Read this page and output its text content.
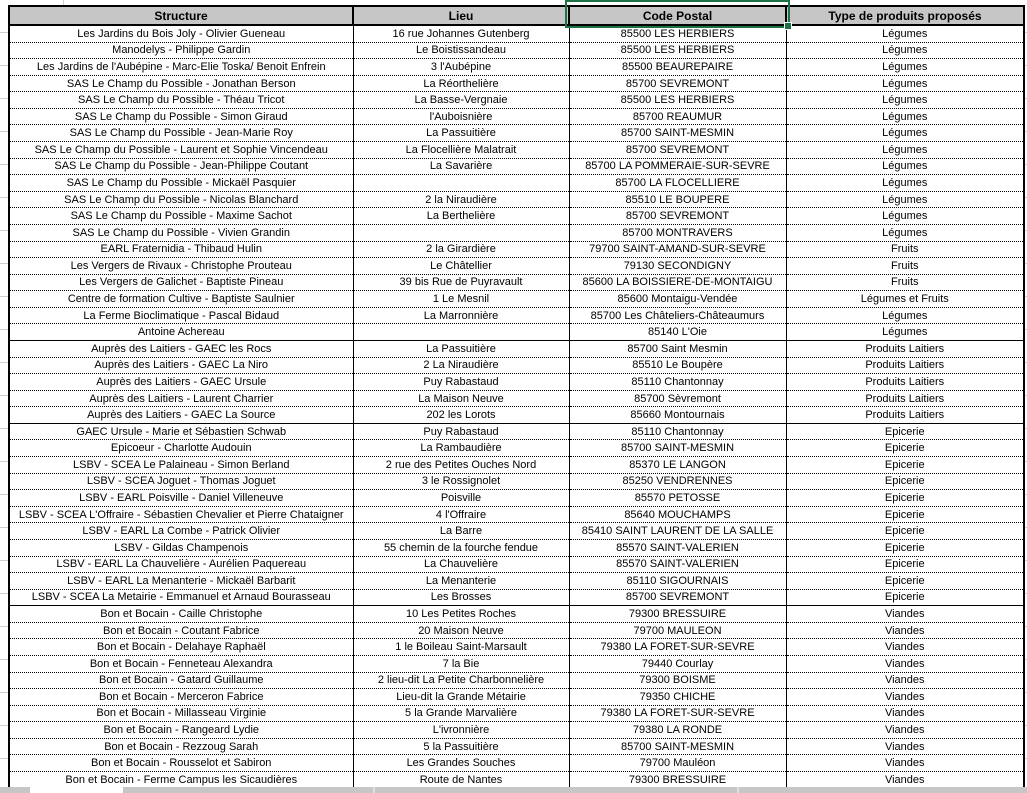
Structure	Lieu	Code Postal	Type de produits proposés
Les Jardins du Bois Joly - Olivier Gueneau	16 rue Johannes Gutenberg	85500 LES HERBIERS	Légumes
Manodelys - Philippe Gardin	Le Boistissandeau	85500 LES HERBIERS	Légumes
Les Jardins de l'Aubépine - Marc-Elie Toska/ Benoit Enfrein	3 l'Aubépine	85500 BEAUREPAIRE	Légumes
SAS Le Champ du Possible - Jonathan Berson	La Réorthelière	85700 SEVREMONT	Légumes
SAS Le Champ du Possible - Théau Tricot	La Basse-Vergnaie	85500 LES HERBIERS	Légumes
SAS Le Champ du Possible - Simon Giraud	l'Auboisnière	85700 REAUMUR	Légumes
SAS Le Champ du Possible - Jean-Marie Roy	La Passuitière	85700 SAINT-MESMIN	Légumes
SAS Le Champ du Possible - Laurent et Sophie Vincendeau	La Flocellière Malatrait	85700 SEVREMONT	Légumes
SAS Le Champ du Possible - Jean-Philippe Coutant	La Savarière	85700 LA POMMERAIE-SUR-SEVRE	Légumes
SAS Le Champ du Possible - Mickaël Pasquier		85700 LA FLOCELLIERE	Légumes
SAS Le Champ du Possible - Nicolas Blanchard	2 la Niraudière	85510 LE BOUPERE	Légumes
SAS Le Champ du Possible - Maxime Sachot	La Berthelière	85700 SEVREMONT	Légumes
SAS Le Champ du Possible - Vivien Grandin		85700 MONTRAVERS	Légumes
EARL Fraternidia - Thibaud Hulin	2 la Girardière	79700 SAINT-AMAND-SUR-SEVRE	Fruits
Les Vergers de Rivaux - Christophe Prouteau	Le Châtellier	79130 SECONDIGNY	Fruits
Les Vergers de Galichet - Baptiste Pineau	39 bis Rue de Puyravault	85600 LA BOISSIERE-DE-MONTAIGU	Fruits
Centre de formation Cultive - Baptiste Saulnier	1 Le Mesnil	85600 Montaigu-Vendée	Légumes et Fruits
La Ferme Bioclimatique - Pascal Bidaud	La Marronnière	85700 Les Châteliers-Châteaumurs	Légumes
Antoine Achereau		85140 L'Oie	Légumes
Auprès des Laitiers - GAEC les Rocs	La Passuitière	85700 Saint Mesmin	Produits Laitiers
Auprès des Laitiers - GAEC La Niro	2 La Niraudière	85510 Le Boupère	Produits Laitiers
Auprès des Laitiers - GAEC Ursule	Puy Rabastaud	85110 Chantonnay	Produits Laitiers
Auprès des Laitiers - Laurent Charrier	La Maison Neuve	85700 Sèvremont	Produits Laitiers
Auprès des Laitiers - GAEC La Source	202 les Lorots	85660 Montournais	Produits Laitiers
GAEC Ursule - Marie et Sébastien Schwab	Puy Rabastaud	85110 Chantonnay	Epicerie
Epicoeur - Charlotte Audouin	La Rambaudière	85700 SAINT-MESMIN	Epicerie
LSBV - SCEA Le Palaineau - Simon Berland	2 rue des Petites Ouches Nord	85370 LE LANGON	Epicerie
LSBV - SCEA Joguet - Thomas Joguet	3 le Rossignolet	85250 VENDRENNES	Epicerie
LSBV - EARL Poisville - Daniel Villeneuve	Poisville	85570 PETOSSE	Epicerie
LSBV - SCEA L'Offraire - Sébastien Chevalier et Pierre Chataigner	4 l'Offraire	85640 MOUCHAMPS	Epicerie
LSBV - EARL La Combe - Patrick Olivier	La Barre	85410 SAINT LAURENT DE LA SALLE	Epicerie
LSBV - Gildas Champenois	55 chemin de la fourche fendue	85570 SAINT-VALERIEN	Epicerie
LSBV - EARL La Chauvelière - Aurélien Paquereau	La Chauvelière	85570 SAINT-VALERIEN	Epicerie
LSBV - EARL La Menanterie - Mickaël Barbarit	La Menanterie	85110 SIGOURNAIS	Epicerie
LSBV - SCEA La Metairie - Emmanuel et Arnaud Bourasseau	Les Brosses	85700 SEVREMONT	Epicerie
Bon et Bocain - Caille Christophe	10 Les Petites Roches	79300 BRESSUIRE	Viandes
Bon et Bocain - Coutant Fabrice	20 Maison Neuve	79700 MAULEON	Viandes
Bon et Bocain - Delahaye Raphaël	1 le Boileau Saint-Marsault	79380 LA FORET-SUR-SEVRE	Viandes
Bon et Bocain - Fenneteau Alexandra	7 la Bie	79440 Courlay	Viandes
Bon et Bocain - Gatard Guillaume	2 lieu-dit La Petite Charbonnelière	79300 BOISME	Viandes
Bon et Bocain - Merceron Fabrice	Lieu-dit la Grande Métairie	79350 CHICHE	Viandes
Bon et Bocain - Millasseau Virginie	5 la Grande Marvalière	79380 LA FORET-SUR-SEVRE	Viandes
Bon et Bocain - Rangeard Lydie	L'ivronnière	79380 LA RONDE	Viandes
Bon et Bocain - Rezzoug Sarah	5 la Passuitière	85700 SAINT-MESMIN	Viandes
Bon et Bocain - Rousselot et Sabiron	Les Grandes Souches	79700 Mauléon	Viandes
Bon et Bocain - Ferme Campus les Sicaudières	Route de Nantes	79300 BRESSUIRE	Viandes
